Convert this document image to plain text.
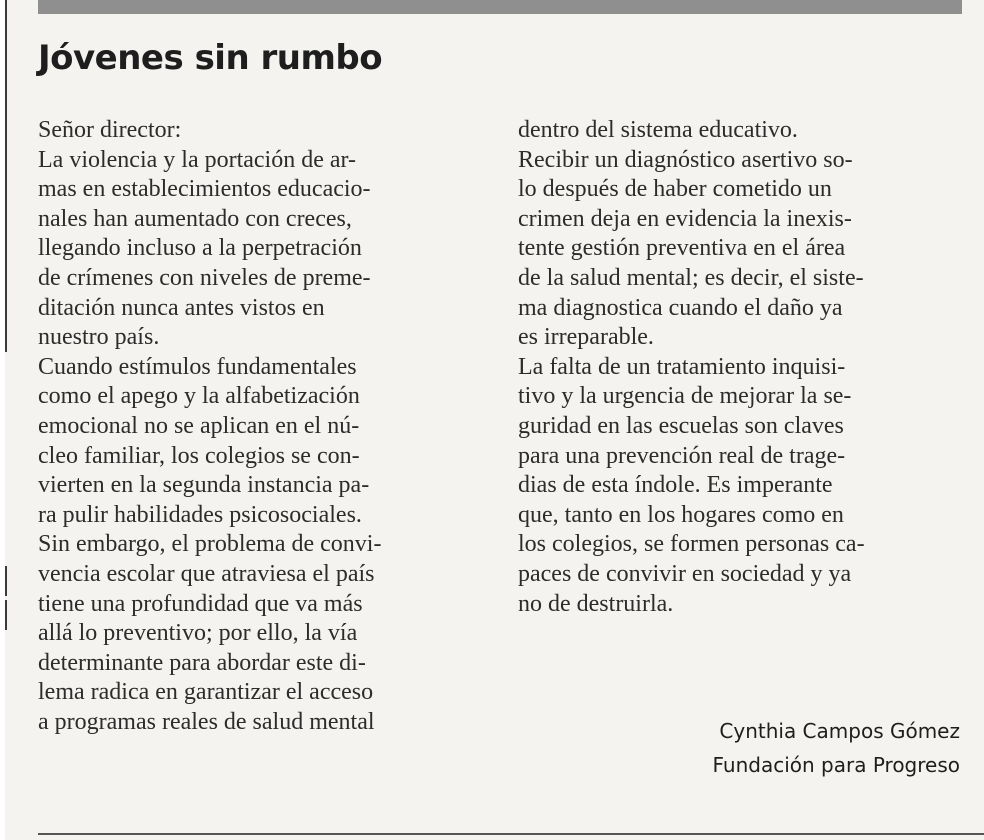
Jóvenes sin rumbo
Señor director:
La violencia y la portación de ar-
mas en establecimientos educacio-
nales han aumentado con creces,
llegando incluso a la perpetración
de crímenes con niveles de preme-
ditación nunca antes vistos en
nuestro país.
Cuando estímulos fundamentales
como el apego y la alfabetización
emocional no se aplican en el nú-
cleo familiar, los colegios se con-
vierten en la segunda instancia pa-
ra pulir habilidades psicosociales.
Sin embargo, el problema de convi-
vencia escolar que atraviesa el país
tiene una profundidad que va más
allá lo preventivo; por ello, la vía
determinante para abordar este di-
lema radica en garantizar el acceso
a programas reales de salud mental
dentro del sistema educativo.
Recibir un diagnóstico asertivo so-
lo después de haber cometido un
crimen deja en evidencia la inexis-
tente gestión preventiva en el área
de la salud mental; es decir, el siste-
ma diagnostica cuando el daño ya
es irreparable.
La falta de un tratamiento inquisi-
tivo y la urgencia de mejorar la se-
guridad en las escuelas son claves
para una prevención real de trage-
dias de esta índole. Es imperante
que, tanto en los hogares como en
los colegios, se formen personas ca-
paces de convivir en sociedad y ya
no de destruirla.
Cynthia Campos Gómez
Fundación para Progreso
